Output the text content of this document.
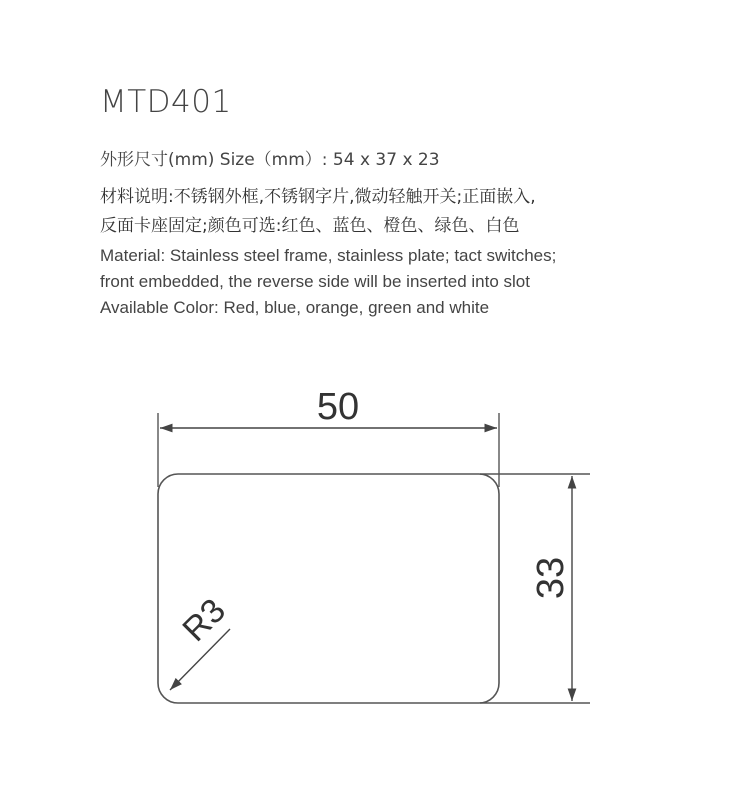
MTD401
外形尺寸(mm) Size（mm）: 54 x 37 x 23
材料说明:不锈钢外框,不锈钢字片,微动轻触开关;正面嵌入,
反面卡座固定;颜色可选:红色、蓝色、橙色、绿色、白色
Material: Stainless steel frame, stainless plate; tact switches;
front embedded, the reverse side will be inserted into slot
Available Color: Red, blue, orange, green and white
50
33
R3
